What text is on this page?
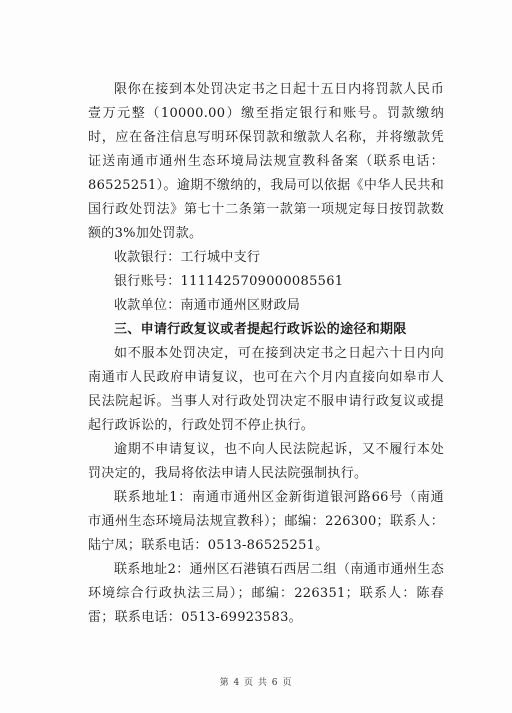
限你在接到本处罚决定书之日起十五日内将罚款人民币壹万元整（10000.00）缴至指定银行和账号。罚款缴纳时，应在备注信息写明环保罚款和缴款人名称，并将缴款凭证送南通市通州生态环境局法规宣教科备案（联系电话：86525251）。逾期不缴纳的，我局可以依据《中华人民共和国行政处罚法》第七十二条第一款第一项规定每日按罚款数额的3%加处罚款。

收款银行：工行城中支行

银行账号：1111425709000085561

收款单位：南通市通州区财政局

三、申请行政复议或者提起行政诉讼的途径和期限

如不服本处罚决定，可在接到决定书之日起六十日内向南通市人民政府申请复议，也可在六个月内直接向如皋市人民法院起诉。当事人对行政处罚决定不服申请行政复议或提起行政诉讼的，行政处罚不停止执行。

逾期不申请复议，也不向人民法院起诉，又不履行本处罚决定的，我局将依法申请人民法院强制执行。

联系地址1：南通市通州区金新街道银河路66号（南通市通州生态环境局法规宣教科）；邮编：226300；联系人：陆宁凤；联系电话：0513-86525251。

联系地址2：通州区石港镇石西居二组（南通市通州生态环境综合行政执法三局）；邮编：226351；联系人：陈春雷；联系电话：0513-69923583。

第 4 页 共 6 页
